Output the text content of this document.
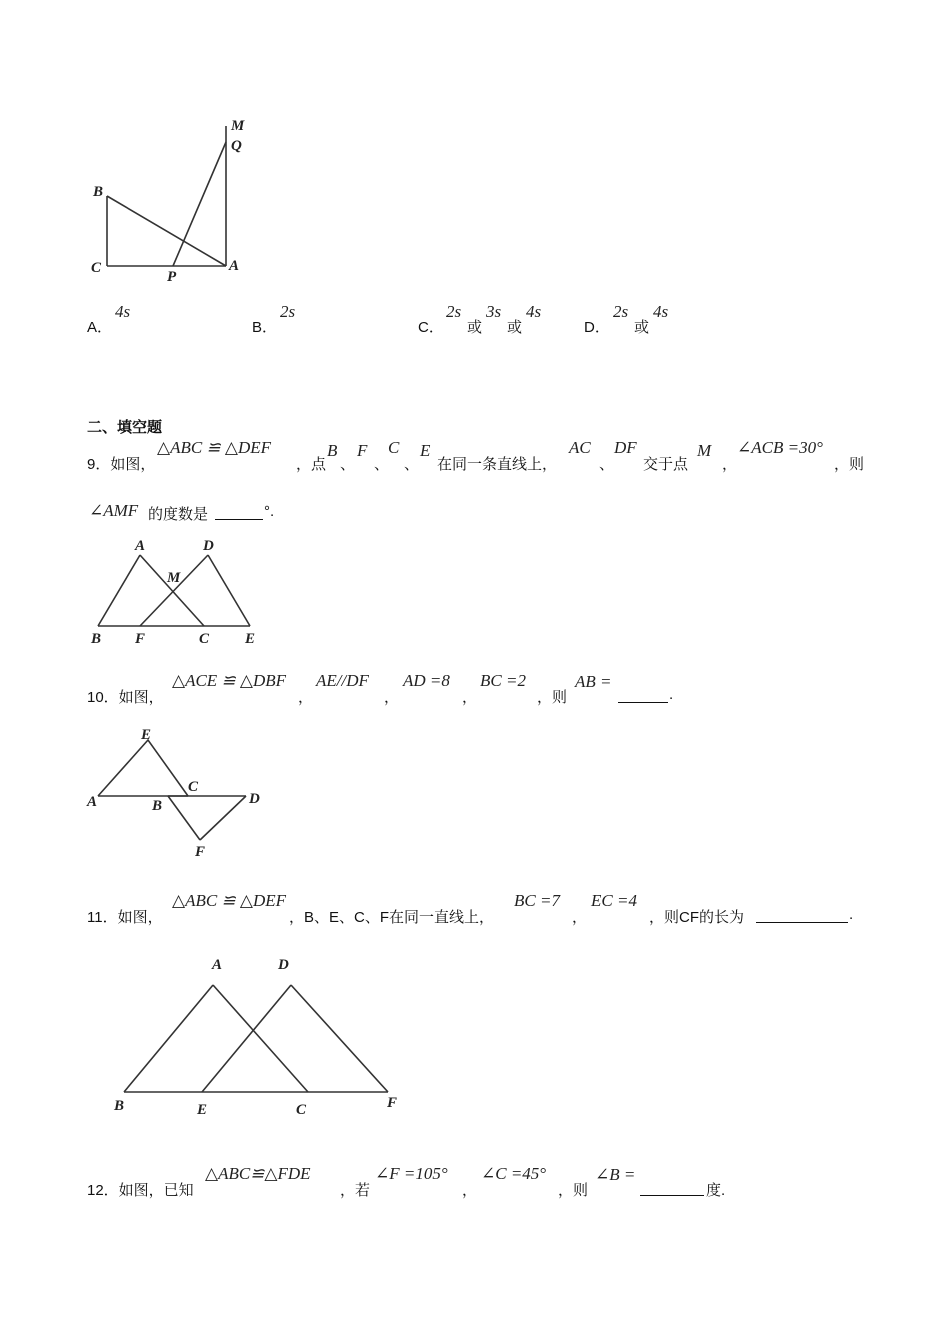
M
Q
B
C
P
A
A．
4s
B．
2s
C．
2s
或
3s
或
4s
D．
2s
或
4s
二、填空题
9．如图，
△ABC ≌ △DEF
，点
B
、
F
、
C
、
E
在同一条直线上，
AC
、
DF
交于点
M
，
∠ACB =30°
，则
∠AMF 的度数是	°.
A	D
M
B F	C E
10．如图，
△ACE ≌ △DBF
，
AE//DF
，
AD =8
，
BC =2
，则
AB =
.
E
C
A	B	D
F
11．如图，
△ABC ≌ △DEF
，B、E、C、F在同一直线上，
BC =7
，
EC =4
，则CF的长为	.
A	D
B	E	C	F
12．如图，已知
△ABC≌△FDE
，若
∠F =105°
，
∠C =45°
，则
∠B =
度.
